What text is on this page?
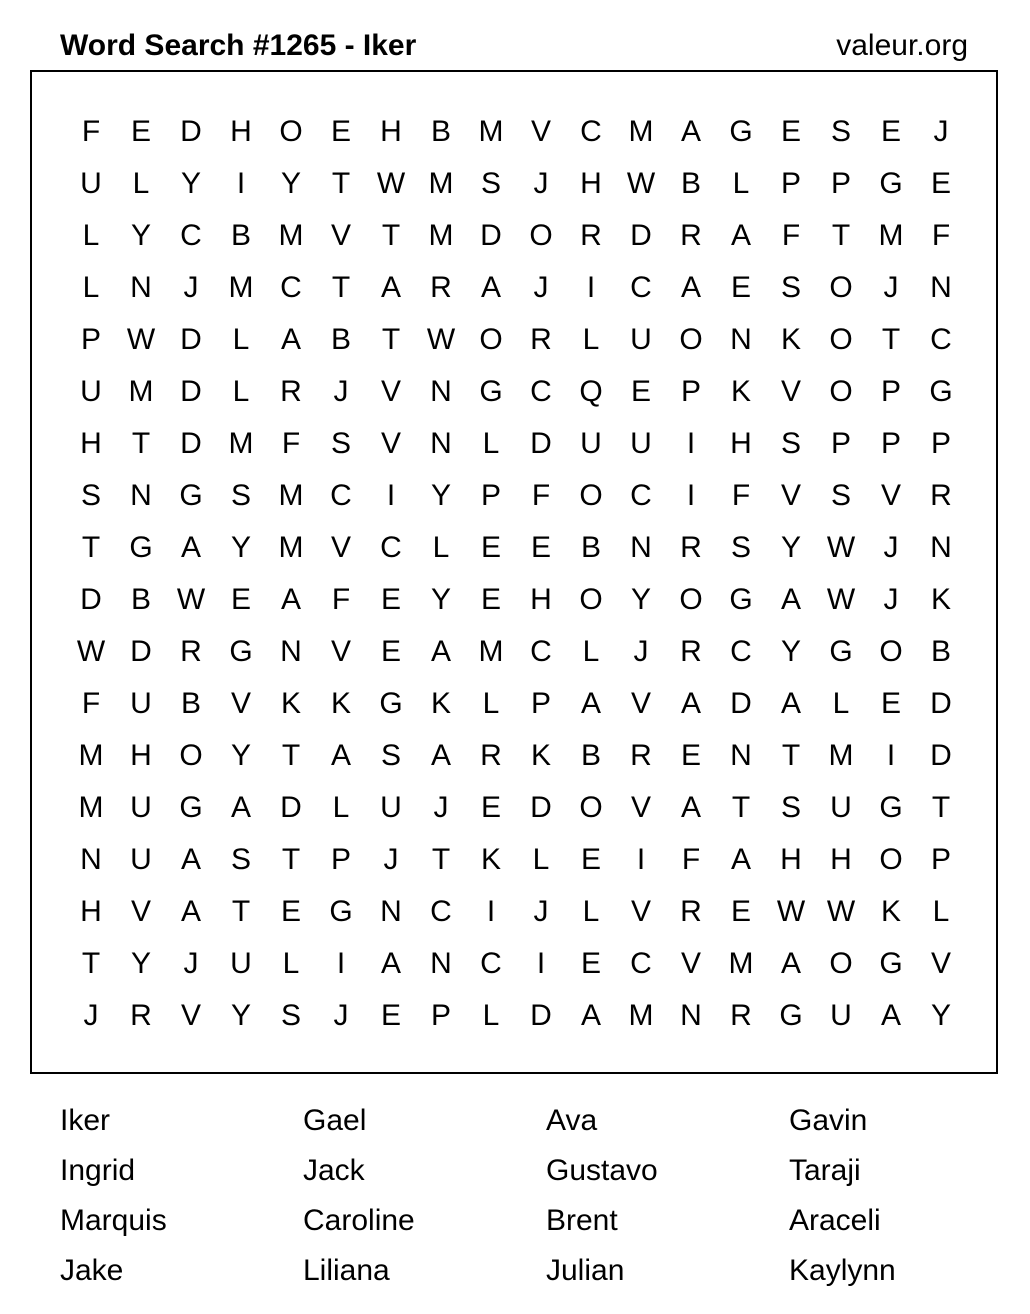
Word Search #1265 - Iker	valeur.org
F	E D H O E H B M V C M A G E S E	J
U	L	Y	I	Y	T W M S	J	H W B	L	P P G E
L	Y C B M V	T M D O R D R A	F	T M F
L	N	J	M C	T	A R A	J	I	C A E S O	J	N
P W D	L	A B	T W O R	L	U O N K O T	C
U M D	L	R	J	V N G C Q E P K V O P G
H	T	D M F	S V N	L	D U U	I	H S P P P
S N G S M C	I	Y P	F O C	I	F	V S V R
T G A Y M V C	L	E E B N R S Y W J	N
D B W E A	F	E Y E H O Y O G A W J	K
W D R G N V E A M C	L	J	R C Y G O B
F	U B V K K G K	L	P A V A D A	L	E D
M H O Y	T	A S A R K B R E N	T M	I	D
M U G A D	L	U	J	E D O V A	T	S U G T
N U A S	T	P	J	T	K	L	E	I	F	A H H O P
H V A	T	E G N C	I	J	L	V R E W W K	L
T	Y	J	U	L	I	A N C	I	E C V M A O G V
J	R V Y S	J	E P	L	D A M N R G U A Y
Iker	Gael	Ava	Gavin
Ingrid	Jack	Gustavo	Taraji
Marquis	Caroline	Brent	Araceli
Jake	Liliana	Julian	Kaylynn
